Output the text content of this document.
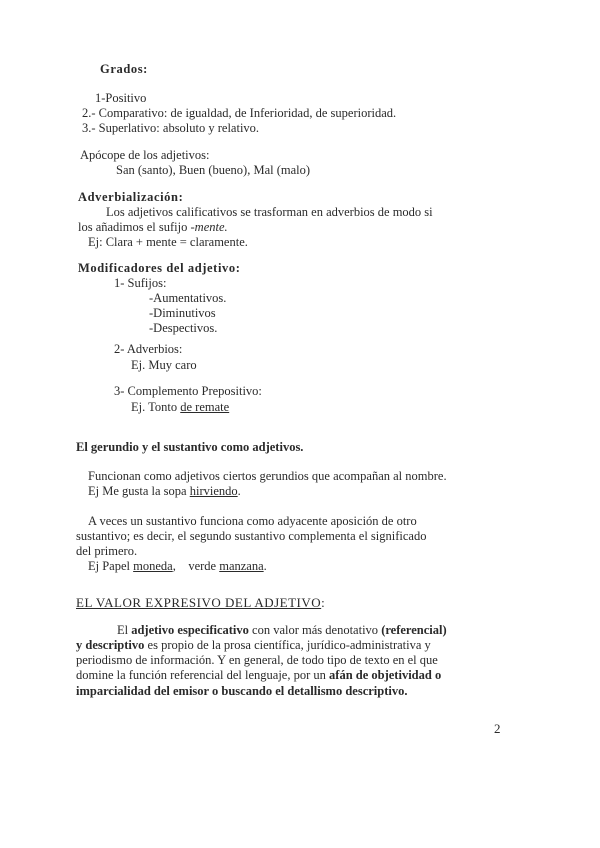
Grados:
1-Positivo
2.- Comparativo: de igualdad, de Inferioridad, de superioridad.
3.- Superlativo: absoluto y relativo.
Apócope de los adjetivos:
San (santo), Buen (bueno), Mal (malo)
Adverbialización:
Los adjetivos calificativos se trasforman en adverbios de modo si
los añadimos el sufijo -mente.
Ej: Clara + mente = claramente.
Modificadores del adjetivo:
1- Sufijos:
-Aumentativos.
-Diminutivos
-Despectivos.
2- Adverbios:
Ej. Muy caro
3- Complemento Prepositivo:
Ej. Tonto de remate
El gerundio y el sustantivo como adjetivos.
Funcionan como adjetivos ciertos gerundios que acompañan al nombre.
Ej Me gusta la sopa hirviendo.
A veces un sustantivo funciona como adyacente aposición de otro
sustantivo; es decir, el segundo sustantivo complementa el significado
del primero.
Ej Papel moneda,    verde manzana.
EL VALOR EXPRESIVO DEL ADJETIVO:
El adjetivo especificativo con valor más denotativo (referencial)
y descriptivo es propio de la prosa científica, jurídico-administrativa y
periodismo de información. Y en general, de todo tipo de texto en el que
domine la función referencial del lenguaje, por un afán de objetividad o
imparcialidad del emisor o buscando el detallismo descriptivo.
2
